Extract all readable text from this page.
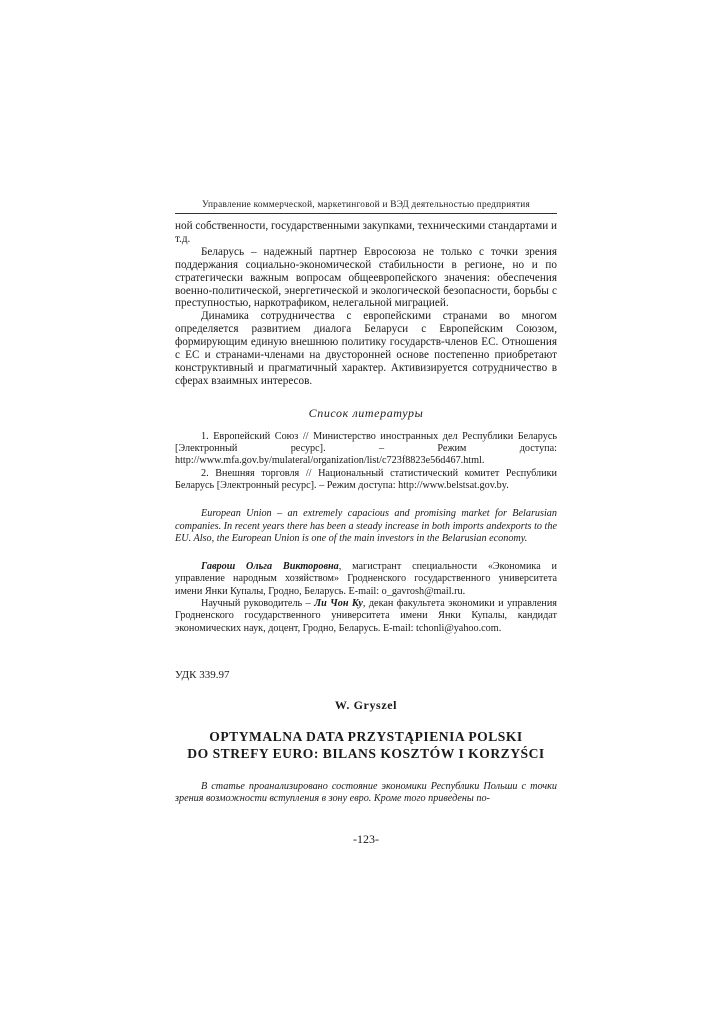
Управление коммерческой, маркетинговой и ВЭД деятельностью предприятия

ной собственности, государственными закупками, техническими стандартами и т.д.

Беларусь – надежный партнер Евросоюза не только с точки зрения поддержания социально-экономической стабильности в регионе, но и по стратегически важным вопросам общеевропейского значения: обеспечения военно-политической, энергетической и экологической безопасности, борьбы с преступностью, наркотрафиком, нелегальной миграцией.

Динамика сотрудничества с европейскими странами во многом определяется развитием диалога Беларуси с Европейским Союзом, формирующим единую внешнюю политику государств-членов ЕС. Отношения с ЕС и странами-членами на двусторонней основе постепенно приобретают конструктивный и прагматичный характер. Активизируется сотрудничество в сферах взаимных интересов.

Список литературы

1. Европейский Союз // Министерство иностранных дел Республики Беларусь [Электронный ресурс]. – Режим доступа: http://www.mfa.gov.by/mulateral/organization/list/c723f8823e56d467.html.

2. Внешняя торговля // Национальный статистический комитет Республики Беларусь [Электронный ресурс]. – Режим доступа: http://www.belstsat.gov.by.

European Union – an extremely capacious and promising market for Belarusian companies. In recent years there has been a steady increase in both imports andexports to the EU. Also, the European Union is one of the main investors in the Belarusian economy.

Гаврош Ольга Викторовна, магистрант специальности «Экономика и управление народным хозяйством» Гродненского государственного университета имени Янки Купалы, Гродно, Беларусь. E-mail: o_gavrosh@mail.ru.

Научный руководитель – Ли Чон Ку, декан факультета экономики и управления Гродненского государственного университета имени Янки Купалы, кандидат экономических наук, доцент, Гродно, Беларусь. E-mail: tchonli@yahoo.com.

УДК 339.97
W. Gryszel
OPTYMALNA DATA PRZYSTĄPIENIA POLSKI
DO STREFY EURO: BILANS KOSZTÓW I KORZYŚCI

В статье проанализировано состояние экономики Республики Польши с точки зрения возможности вступления в зону евро. Кроме того приведены по-

-123-
